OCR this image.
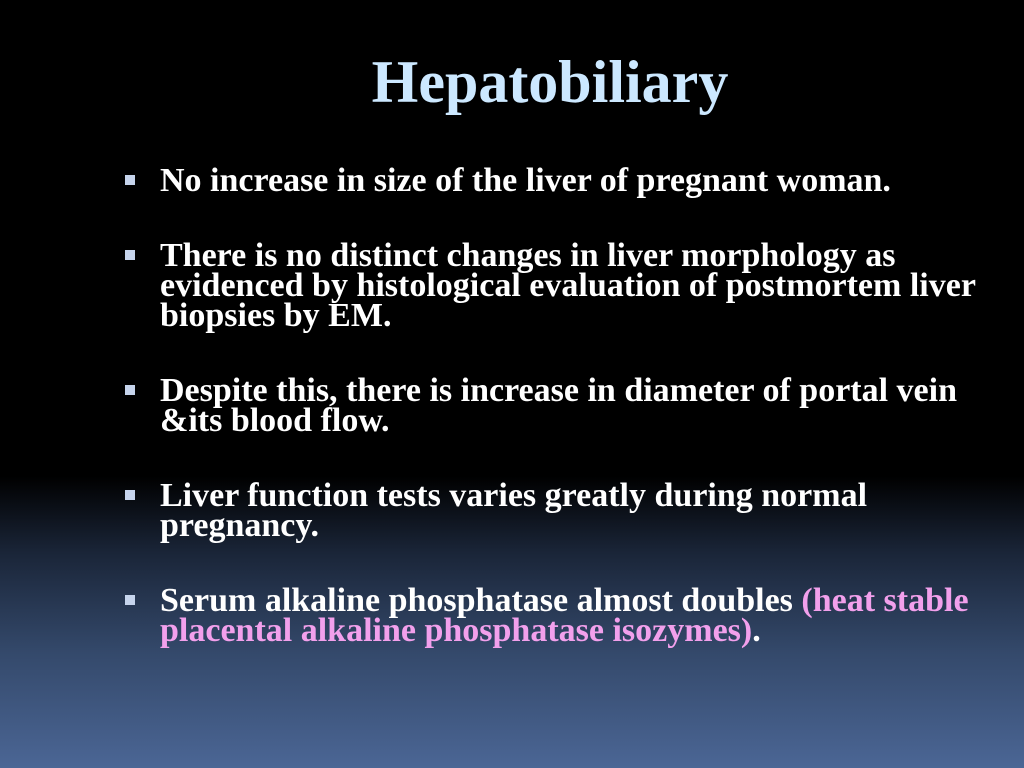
Hepatobiliary
No increase in size of the liver of pregnant woman.
There is no distinct changes in liver morphology as evidenced by histological evaluation of postmortem liver biopsies by EM.
Despite this, there is increase in diameter of portal vein &its blood flow.
Liver function tests varies greatly during normal pregnancy.
Serum alkaline phosphatase almost doubles (heat stable placental alkaline phosphatase isozymes).
